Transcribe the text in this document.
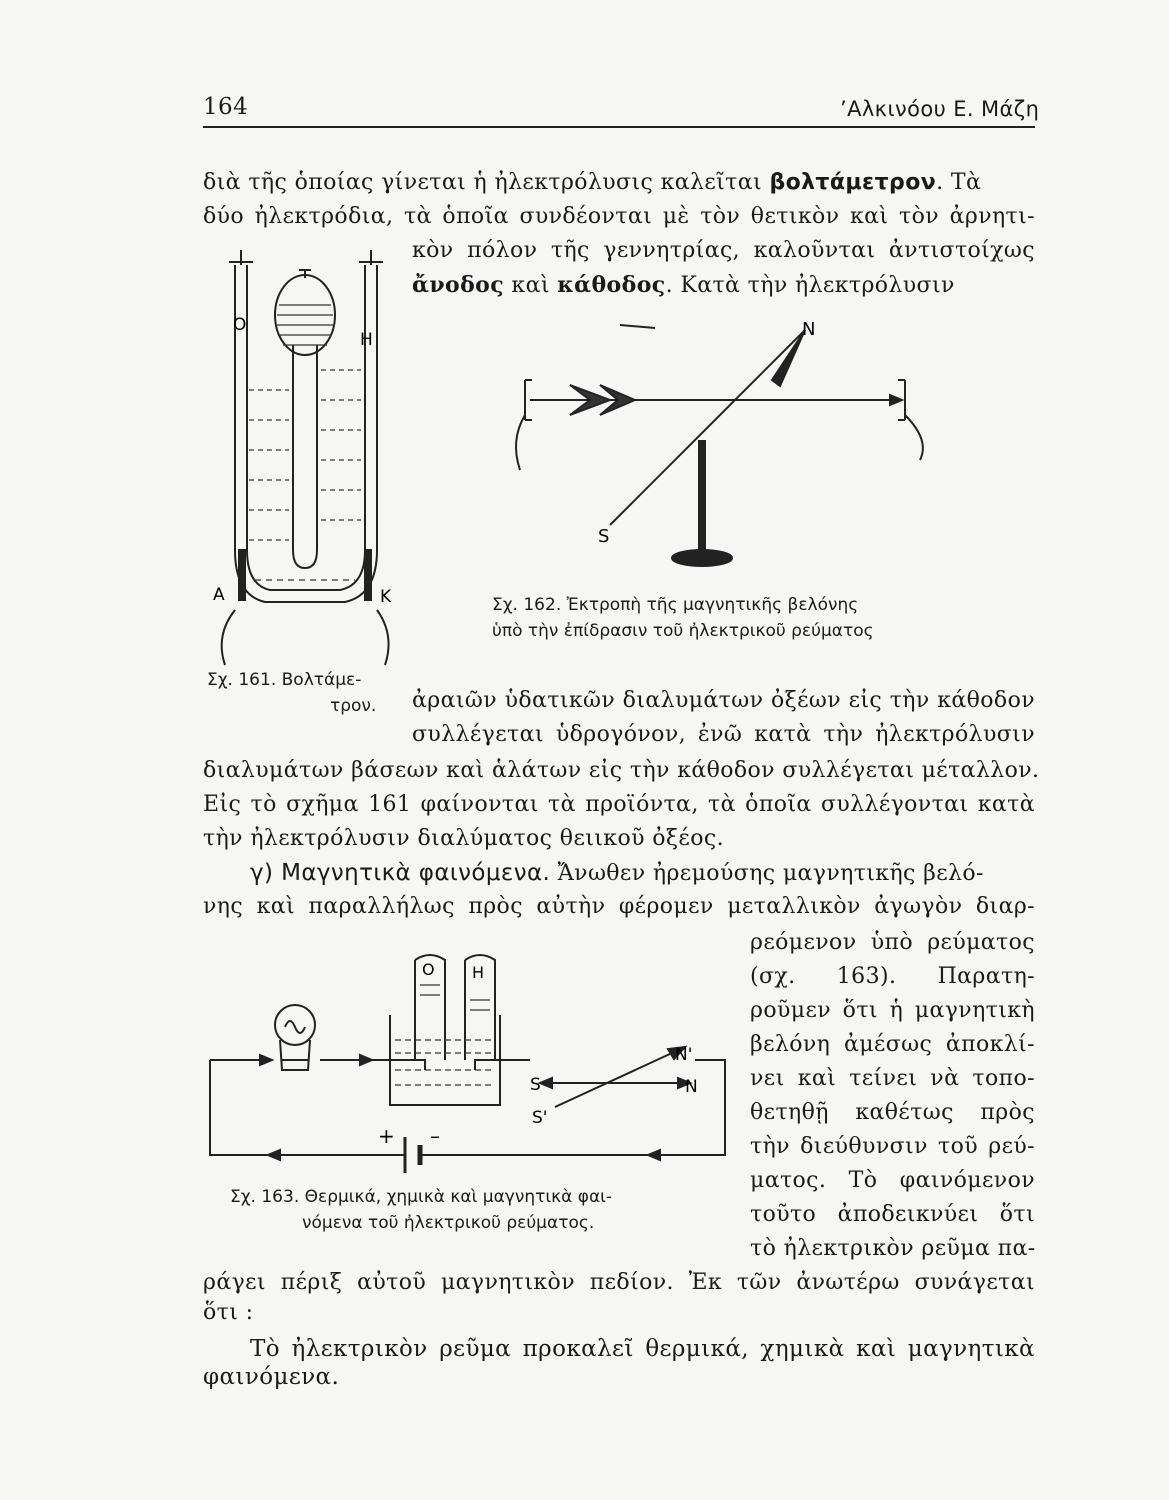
164	’Αλκινόου Ε. Μάζη
διὰ τῆς ὁποίας γίνεται ἡ ἠλεκτρόλυσις καλεῖται βολτάμετρον. Τὰ
δύο ἠλεκτρόδια, τὰ ὁποῖα συνδέονται μὲ τὸν θετικὸν καὶ τὸν ἀρνητι-
κὸν πόλον τῆς γεννητρίας, καλοῦνται ἀντιστοίχως
ἄνοδος καὶ κάθοδος. Κατὰ τὴν ἠλεκτρόλυσιν
O
H
A	K
Σχ. 161. Βολτάμε-
τρον.
N
S
Σχ. 162. Ἐκτροπὴ τῆς μαγνητικῆς βελόνης
ὑπὸ τὴν ἐπίδρασιν τοῦ ἠλεκτρικοῦ ρεύματος
ἀραιῶν ὑδατικῶν διαλυμάτων ὀξέων εἰς τὴν κάθοδον
συλλέγεται ὑδρογόνον, ἐνῶ κατὰ τὴν ἠλεκτρόλυσιν
διαλυμάτων βάσεων καὶ ἁλάτων εἰς τὴν κάθοδον συλλέγεται μέταλλον.
Εἰς τὸ σχῆμα 161 φαίνονται τὰ προϊόντα, τὰ ὁποῖα συλλέγονται κατὰ
τὴν ἠλεκτρόλυσιν διαλύματος θειικοῦ ὀξέος.
γ) Μαγνητικὰ φαινόμενα. Ἄνωθεν ἠρεμούσης μαγνητικῆς βελό-
νης καὶ παραλλήλως πρὸς αὐτὴν φέρομεν μεταλλικὸν ἀγωγὸν διαρ-
ρεόμενον ὑπὸ ρεύματος
(σχ. 163). Παρατη-
ροῦμεν ὅτι ἡ μαγνητικὴ
βελόνη ἀμέσως ἀποκλί-
νει καὶ τείνει νὰ τοπο-
θετηθῇ καθέτως πρὸς
τὴν διεύθυνσιν τοῦ ρεύ-
ματος. Τὸ φαινόμενον
τοῦτο ἀποδεικνύει ὅτι
τὸ ἠλεκτρικὸν ρεῦμα πα-
ράγει πέριξ αὐτοῦ μαγνητικὸν πεδίον. Ἐκ τῶν ἀνωτέρω συνάγεται
ὅτι :
O H
S	N
S'
N'
+ –
Σχ. 163. Θερμικά, χημικὰ καὶ μαγνητικὰ φαι-
νόμενα τοῦ ἠλεκτρικοῦ ρεύματος.
Τὸ ἠλεκτρικὸν ρεῦμα προκαλεῖ θερμικά, χημικὰ καὶ μαγνητικὰ
φαινόμενα.
